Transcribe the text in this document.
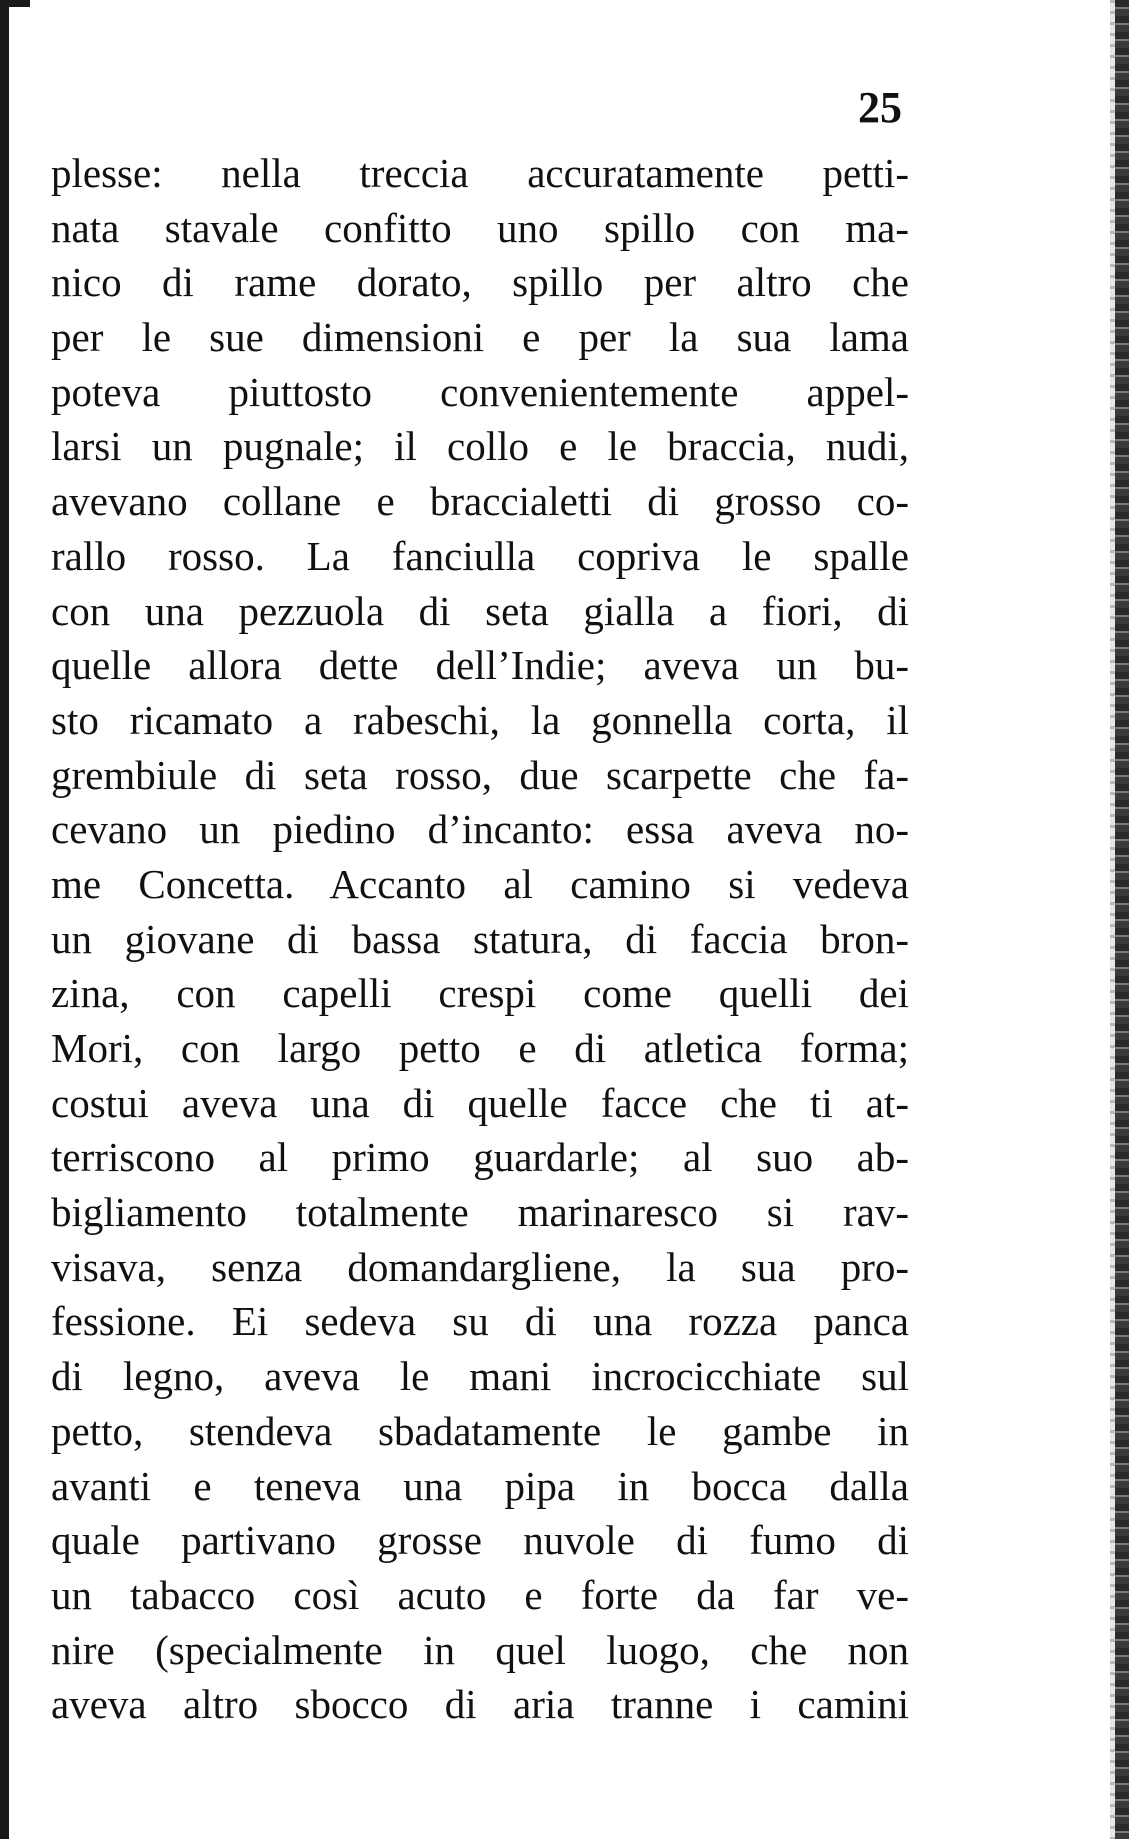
25
plesse: nella treccia accuratamente petti-
nata stavale confitto uno spillo con ma-
nico di rame dorato, spillo per altro che
per le sue dimensioni e per la sua lama
poteva piuttosto convenientemente appel-
larsi un pugnale; il collo e le braccia, nudi,
avevano collane e braccialetti di grosso co-
rallo rosso. La fanciulla copriva le spalle
con una pezzuola di seta gialla a fiori, di
quelle allora dette dell’Indie; aveva un bu-
sto ricamato a rabeschi, la gonnella corta, il
grembiule di seta rosso, due scarpette che fa-
cevano un piedino d’incanto: essa aveva no-
me Concetta. Accanto al camino si vedeva
un giovane di bassa statura, di faccia bron-
zina, con capelli crespi come quelli dei
Mori, con largo petto e di atletica forma;
costui aveva una di quelle facce che ti at-
terriscono al primo guardarle; al suo ab-
bigliamento totalmente marinaresco si rav-
visava, senza domandargliene, la sua pro-
fessione. Ei sedeva su di una rozza panca
di legno, aveva le mani incrocicchiate sul
petto, stendeva sbadatamente le gambe in
avanti e teneva una pipa in bocca dalla
quale partivano grosse nuvole di fumo di
un tabacco così acuto e forte da far ve-
nire (specialmente in quel luogo, che non
aveva altro sbocco di aria tranne i camini
